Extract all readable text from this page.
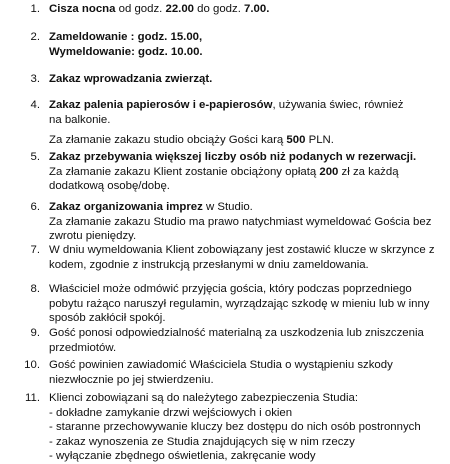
1. Cisza nocna od godz. 22.00 do godz. 7.00.
2. Zameldowanie : godz. 15.00,
Wymeldowanie: godz. 10.00.
3. Zakaz wprowadzania zwierząt.
4. Zakaz palenia papierosów i e-papierosów, używania świec, również
na balkonie.
Za złamanie zakazu studio obciąży Gości karą 500 PLN.
5. Zakaz przebywania większej liczby osób niż podanych w rezerwacji.
Za złamanie zakazu Klient zostanie obciążony opłatą 200 zł za każdą
dodatkową osobę/dobę.
6. Zakaz organizowania imprez w Studio.
Za złamanie zakazu Studio ma prawo natychmiast wymeldować Gościa bez
zwrotu pieniędzy.
7. W dniu wymeldowania Klient zobowiązany jest zostawić klucze w skrzynce z
kodem, zgodnie z instrukcją przesłanymi w dniu zameldowania.
8. Właściciel może odmówić przyjęcia gościa, który podczas poprzedniego
pobytu rażąco naruszył regulamin, wyrządzając szkodę w mieniu lub w inny
sposób zakłócił spokój.
9. Gość ponosi odpowiedzialność materialną za uszkodzenia lub zniszczenia
przedmiotów.
10. Gość powinien zawiadomić Właściciela Studia o wystąpieniu szkody
niezwłocznie po jej stwierdzeniu.
11. Klienci zobowiązani są do należytego zabezpieczenia Studia:
- dokładne zamykanie drzwi wejściowych i okien
- staranne przechowywanie kluczy bez dostępu do nich osób postronnych
- zakaz wynoszenia ze Studia znajdujących się w nim rzeczy
- wyłączanie zbędnego oświetlenia, zakręcanie wody
